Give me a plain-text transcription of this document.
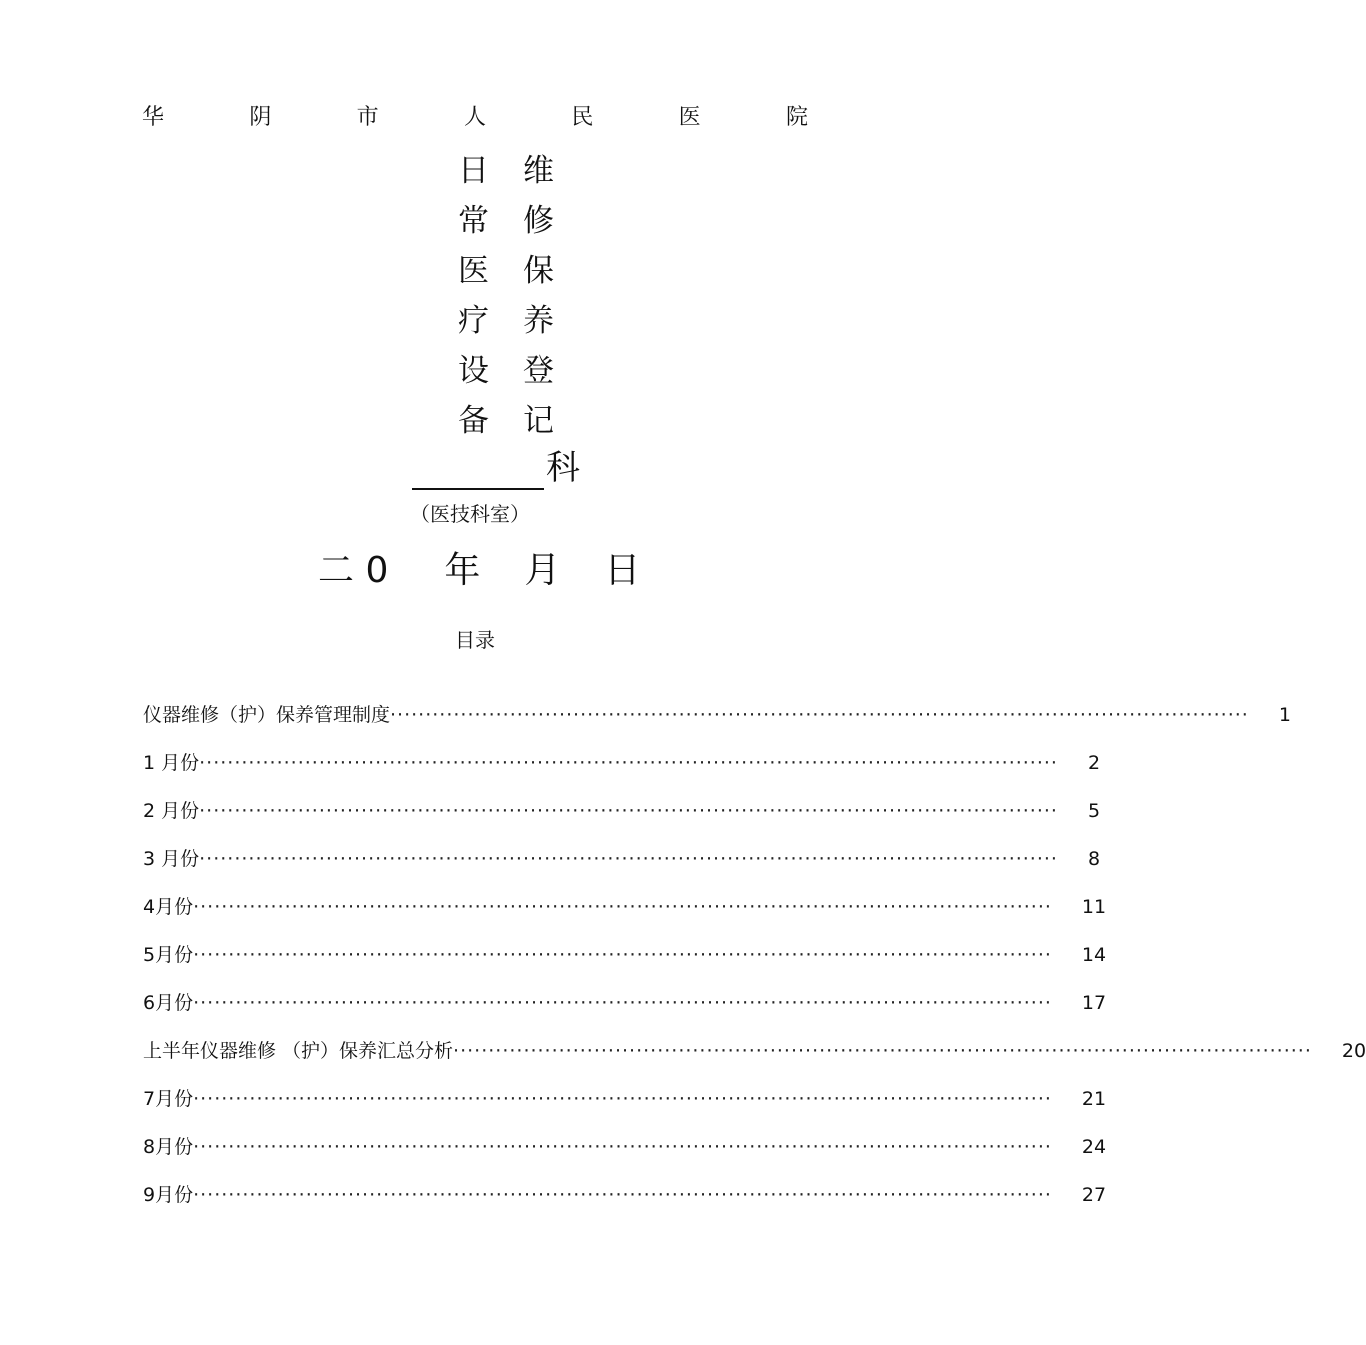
华	阴	市	人	民	医	院
日
常
医
疗
设
备
维
修
保
养
登
记
科
（医技科室）
二 0 年 月 日
目录
仪器维修（护）保养管理制度 ·························································································································· 1
1 月份 ·························································································································· 2
2 月份 ·························································································································· 5
3 月份 ·························································································································· 8
4月份 ·························································································································· 11
5月份 ·························································································································· 14
6月份 ·························································································································· 17
上半年仪器维修 （护）保养汇总分析 ·························································································································· 20
7月份 ·························································································································· 21
8月份 ·························································································································· 24
9月份 ·························································································································· 27
